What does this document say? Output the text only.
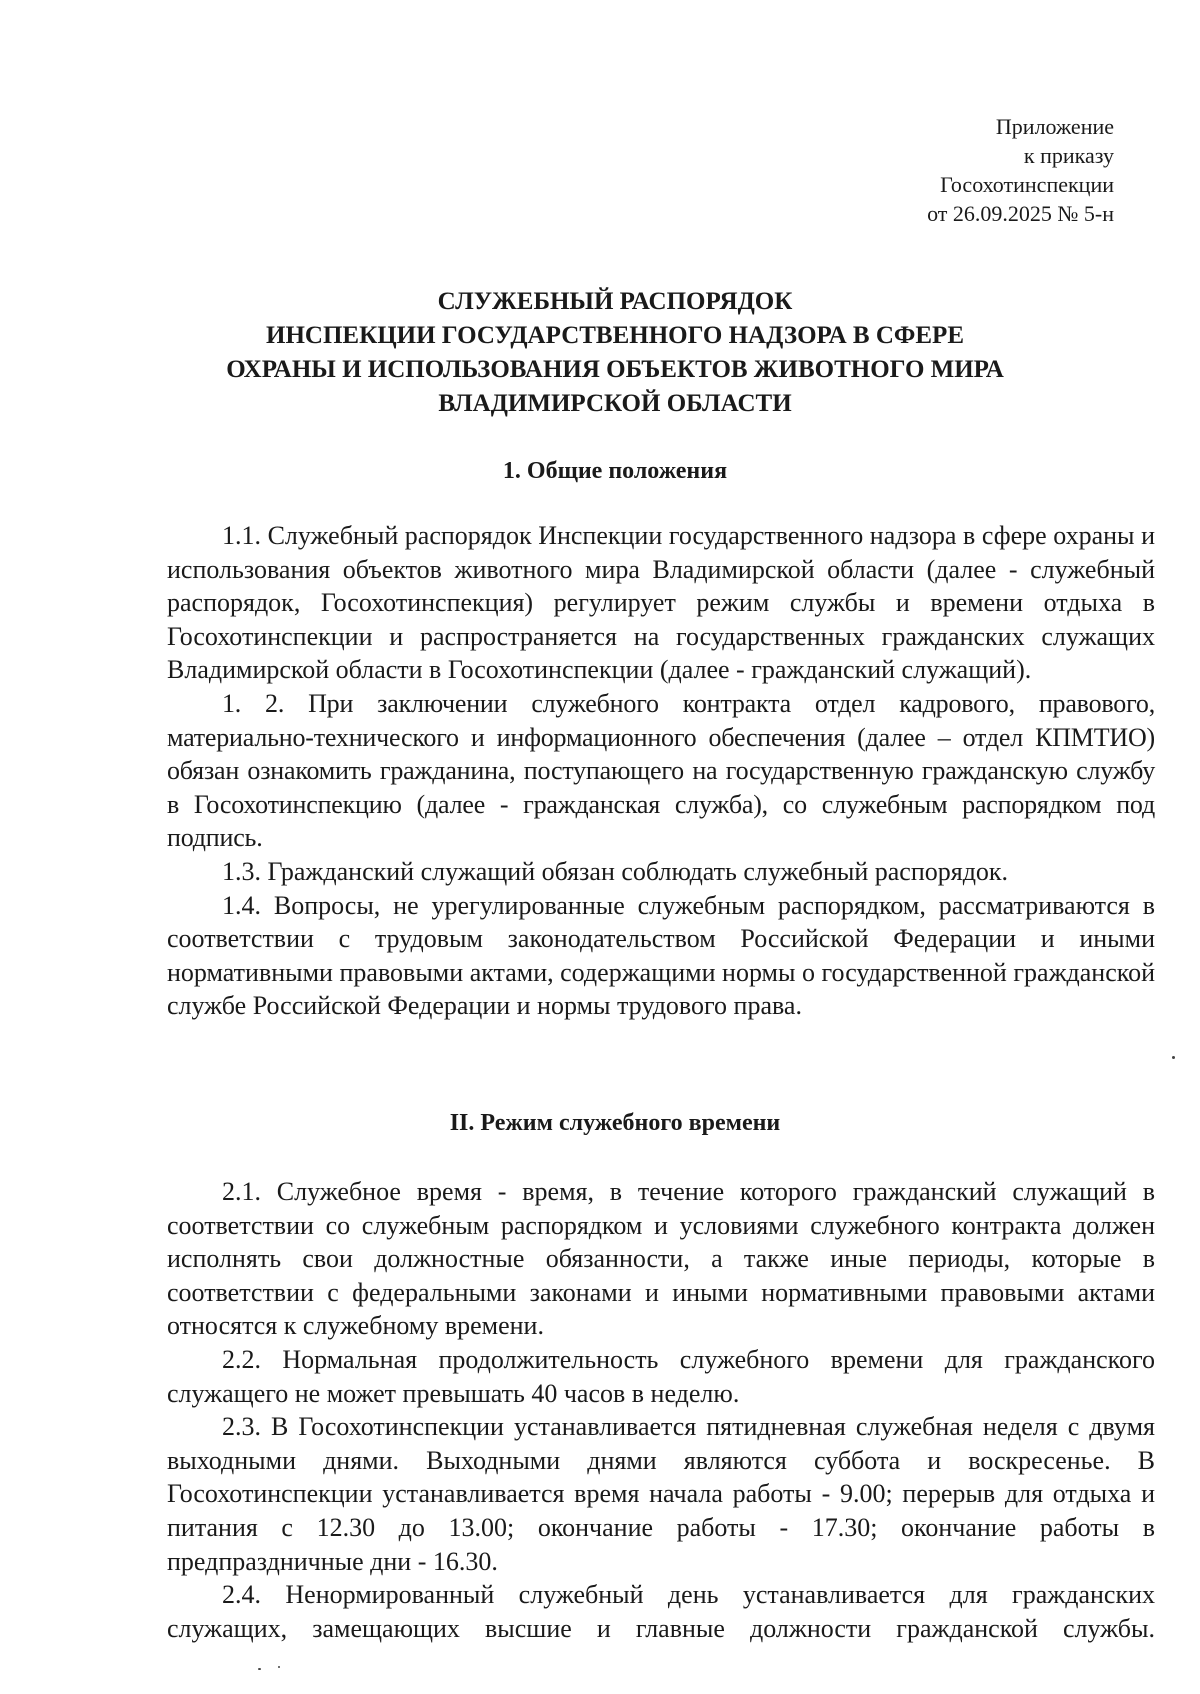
Приложение
к приказу
Госохотинспекции
от 26.09.2025 № 5-н
СЛУЖЕБНЫЙ РАСПОРЯДОК
ИНСПЕКЦИИ ГОСУДАРСТВЕННОГО НАДЗОРА В СФЕРЕ
ОХРАНЫ И ИСПОЛЬЗОВАНИЯ ОБЪЕКТОВ ЖИВОТНОГО МИРА
ВЛАДИМИРСКОЙ ОБЛАСТИ
1. Общие положения

1.1. Служебный распорядок Инспекции государственного надзора в сфере охраны и использования объектов животного мира Владимирской области (далее - служебный распорядок, Госохотинспекция) регулирует режим службы и времени отдыха в Госохотинспекции и распространяется на государственных гражданских служащих Владимирской области в Госохотинспекции (далее - гражданский служащий).

1. 2. При заключении служебного контракта отдел кадрового, правового, материально-технического и информационного обеспечения (далее – отдел КПМТИО) обязан ознакомить гражданина, поступающего на государственную гражданскую службу в Госохотинспекцию (далее - гражданская служба), со служебным распорядком под подпись.

1.3. Гражданский служащий обязан соблюдать служебный распорядок.

1.4. Вопросы, не урегулированные служебным распорядком, рассматриваются в соответствии с трудовым законодательством Российской Федерации и иными нормативными правовыми актами, содержащими нормы о государственной гражданской службе Российской Федерации и нормы трудового права.

II. Режим служебного времени

2.1. Служебное время - время, в течение которого гражданский служащий в соответствии со служебным распорядком и условиями служебного контракта должен исполнять свои должностные обязанности, а также иные периоды, которые в соответствии с федеральными законами и иными нормативными правовыми актами относятся к служебному времени.

2.2. Нормальная продолжительность служебного времени для гражданского служащего не может превышать 40 часов в неделю.

2.3. В Госохотинспекции устанавливается пятидневная служебная неделя с двумя выходными днями. Выходными днями являются суббота и воскресенье. В Госохотинспекции устанавливается время начала работы - 9.00; перерыв для отдыха и питания с 12.30 до 13.00; окончание работы - 17.30; окончание работы в предпраздничные дни - 16.30.

2.4. Ненормированный служебный день устанавливается для гражданских служащих, замещающих высшие и главные должности гражданской службы.
